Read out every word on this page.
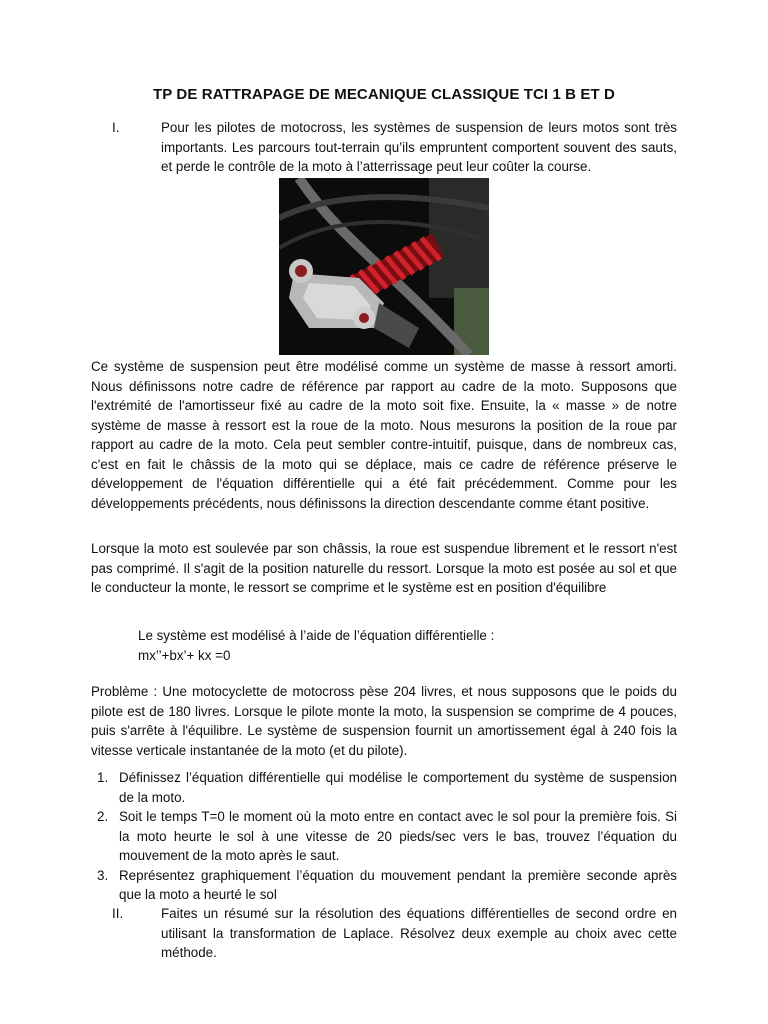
TP DE RATTRAPAGE DE MECANIQUE CLASSIQUE TCI 1 B ET D
I.	Pour les pilotes de motocross, les systèmes de suspension de leurs motos sont très importants. Les parcours tout-terrain qu’ils empruntent comportent souvent des sauts, et perde le contrôle de la moto à l’atterrissage peut leur coûter la course.
Ce système de suspension peut être modélisé comme un système de masse à ressort amorti. Nous définissons notre cadre de référence par rapport au cadre de la moto. Supposons que l'extrémité de l'amortisseur fixé au cadre de la moto soit fixe. Ensuite, la « masse » de notre système de masse à ressort est la roue de la moto. Nous mesurons la position de la roue par rapport au cadre de la moto. Cela peut sembler contre-intuitif, puisque, dans de nombreux cas, c'est en fait le châssis de la moto qui se déplace, mais ce cadre de référence préserve le développement de l'équation différentielle qui a été fait précédemment. Comme pour les développements précédents, nous définissons la direction descendante comme étant positive.
Lorsque la moto est soulevée par son châssis, la roue est suspendue librement et le ressort n'est pas comprimé. Il s'agit de la position naturelle du ressort. Lorsque la moto est posée au sol et que le conducteur la monte, le ressort se comprime et le système est en position d'équilibre
Le système est modélisé à l’aide de l’équation différentielle :
mx’’+bx’+ kx =0
Problème : Une motocyclette de motocross pèse 204 livres, et nous supposons que le poids du pilote est de 180 livres. Lorsque le pilote monte la moto, la suspension se comprime de 4 pouces, puis s'arrête à l'équilibre. Le système de suspension fournit un amortissement égal à 240 fois la vitesse verticale instantanée de la moto (et du pilote).
1. Définissez l’équation différentielle qui modélise le comportement du système de suspension de la moto.
2. Soit le temps T=0 le moment où la moto entre en contact avec le sol pour la première fois. Si la moto heurte le sol à une vitesse de 20 pieds/sec vers le bas, trouvez l’équation du mouvement de la moto après le saut.
3. Représentez graphiquement l’équation du mouvement pendant la première seconde après que la moto a heurté le sol
II.	Faites un résumé sur la résolution des équations différentielles de second ordre en utilisant la transformation de Laplace. Résolvez deux exemple au choix avec cette méthode.
